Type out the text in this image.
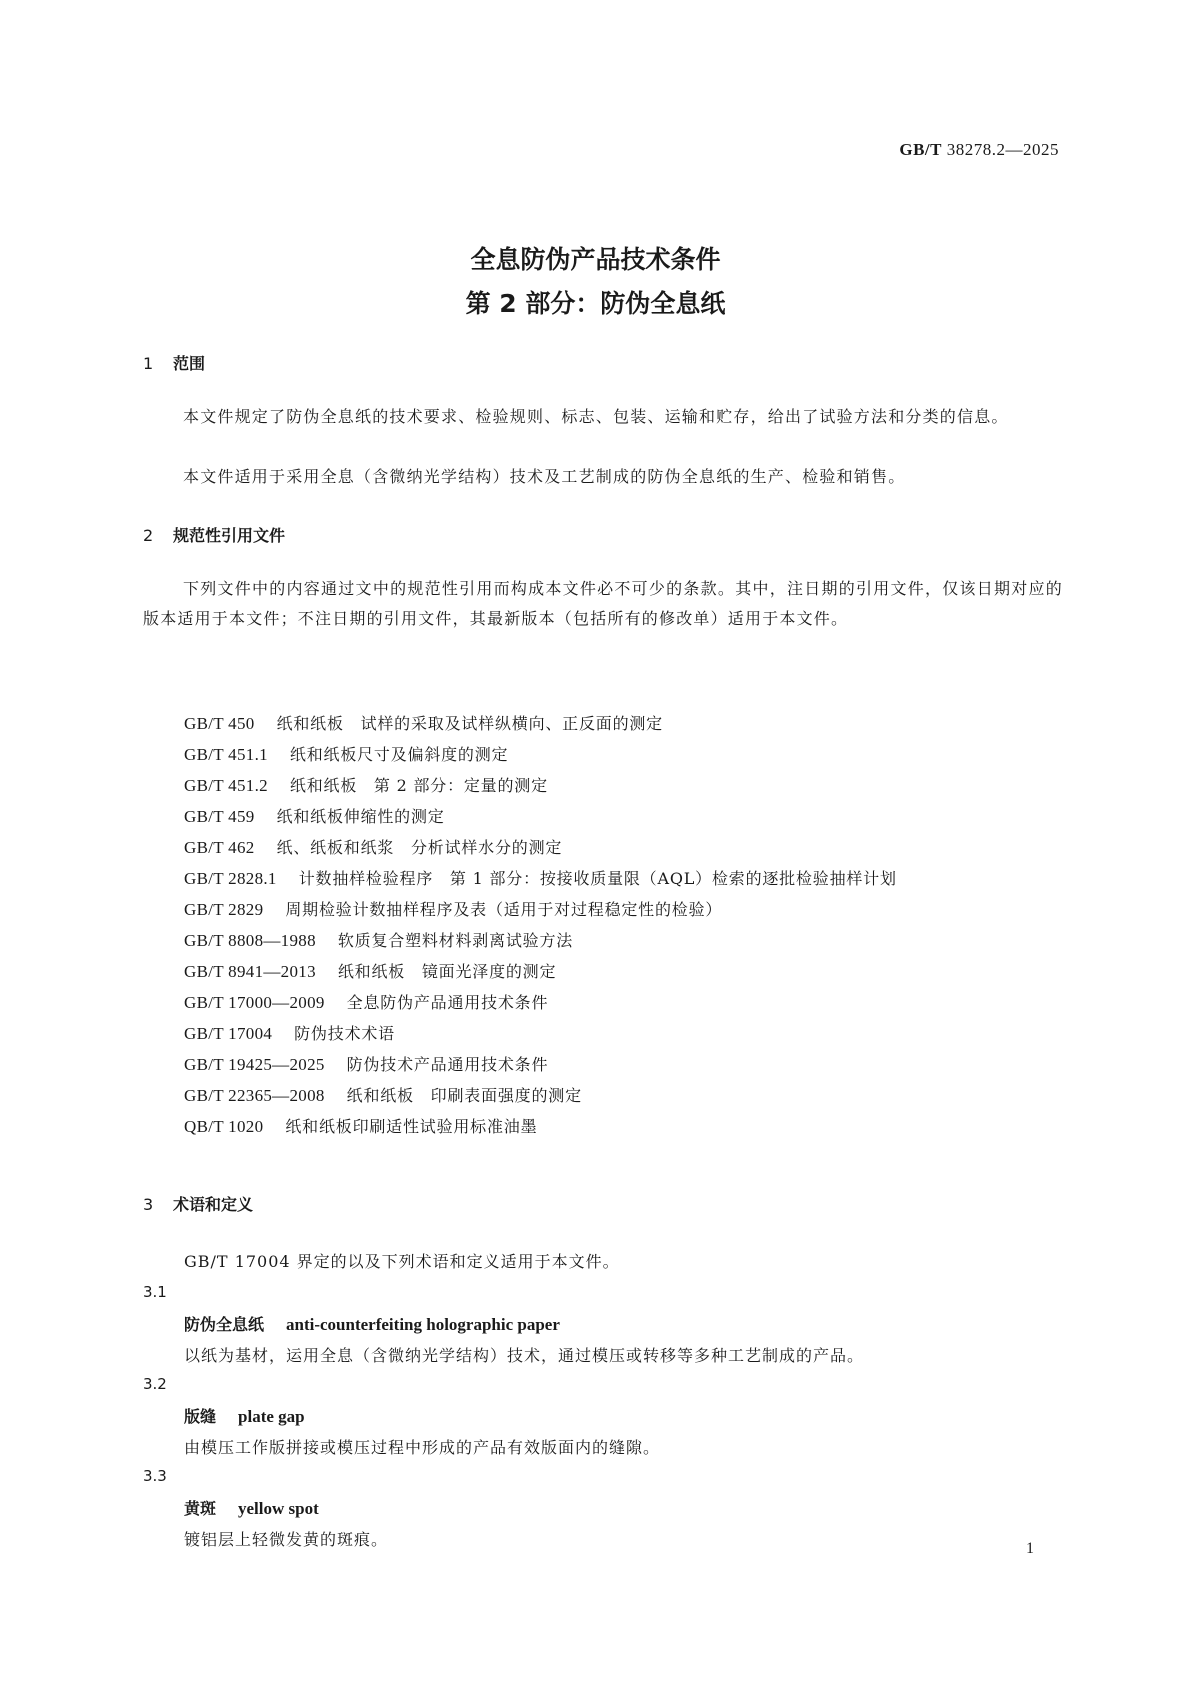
GB/T 38278.2—2025
全息防伪产品技术条件
第 2 部分：防伪全息纸
1 范围
本文件规定了防伪全息纸的技术要求、检验规则、标志、包装、运输和贮存，给出了试验方法和分类的信息。
本文件适用于采用全息（含微纳光学结构）技术及工艺制成的防伪全息纸的生产、检验和销售。
2 规范性引用文件
下列文件中的内容通过文中的规范性引用而构成本文件必不可少的条款。其中，注日期的引用文件，仅该日期对应的版本适用于本文件；不注日期的引用文件，其最新版本（包括所有的修改单）适用于本文件。
GB/T 450 纸和纸板　试样的采取及试样纵横向、正反面的测定
GB/T 451.1 纸和纸板尺寸及偏斜度的测定
GB/T 451.2 纸和纸板　第 2 部分：定量的测定
GB/T 459 纸和纸板伸缩性的测定
GB/T 462 纸、纸板和纸浆　分析试样水分的测定
GB/T 2828.1 计数抽样检验程序　第 1 部分：按接收质量限（AQL）检索的逐批检验抽样计划
GB/T 2829 周期检验计数抽样程序及表（适用于对过程稳定性的检验）
GB/T 8808—1988 软质复合塑料材料剥离试验方法
GB/T 8941—2013 纸和纸板　镜面光泽度的测定
GB/T 17000—2009 全息防伪产品通用技术条件
GB/T 17004 防伪技术术语
GB/T 19425—2025 防伪技术产品通用技术条件
GB/T 22365—2008 纸和纸板　印刷表面强度的测定
QB/T 1020 纸和纸板印刷适性试验用标准油墨
3 术语和定义
GB/T 17004 界定的以及下列术语和定义适用于本文件。
3.1
防伪全息纸 anti-counterfeiting holographic paper
以纸为基材，运用全息（含微纳光学结构）技术，通过模压或转移等多种工艺制成的产品。
3.2
版缝 plate gap
由模压工作版拼接或模压过程中形成的产品有效版面内的缝隙。
3.3
黄斑 yellow spot
镀铝层上轻微发黄的斑痕。	1
